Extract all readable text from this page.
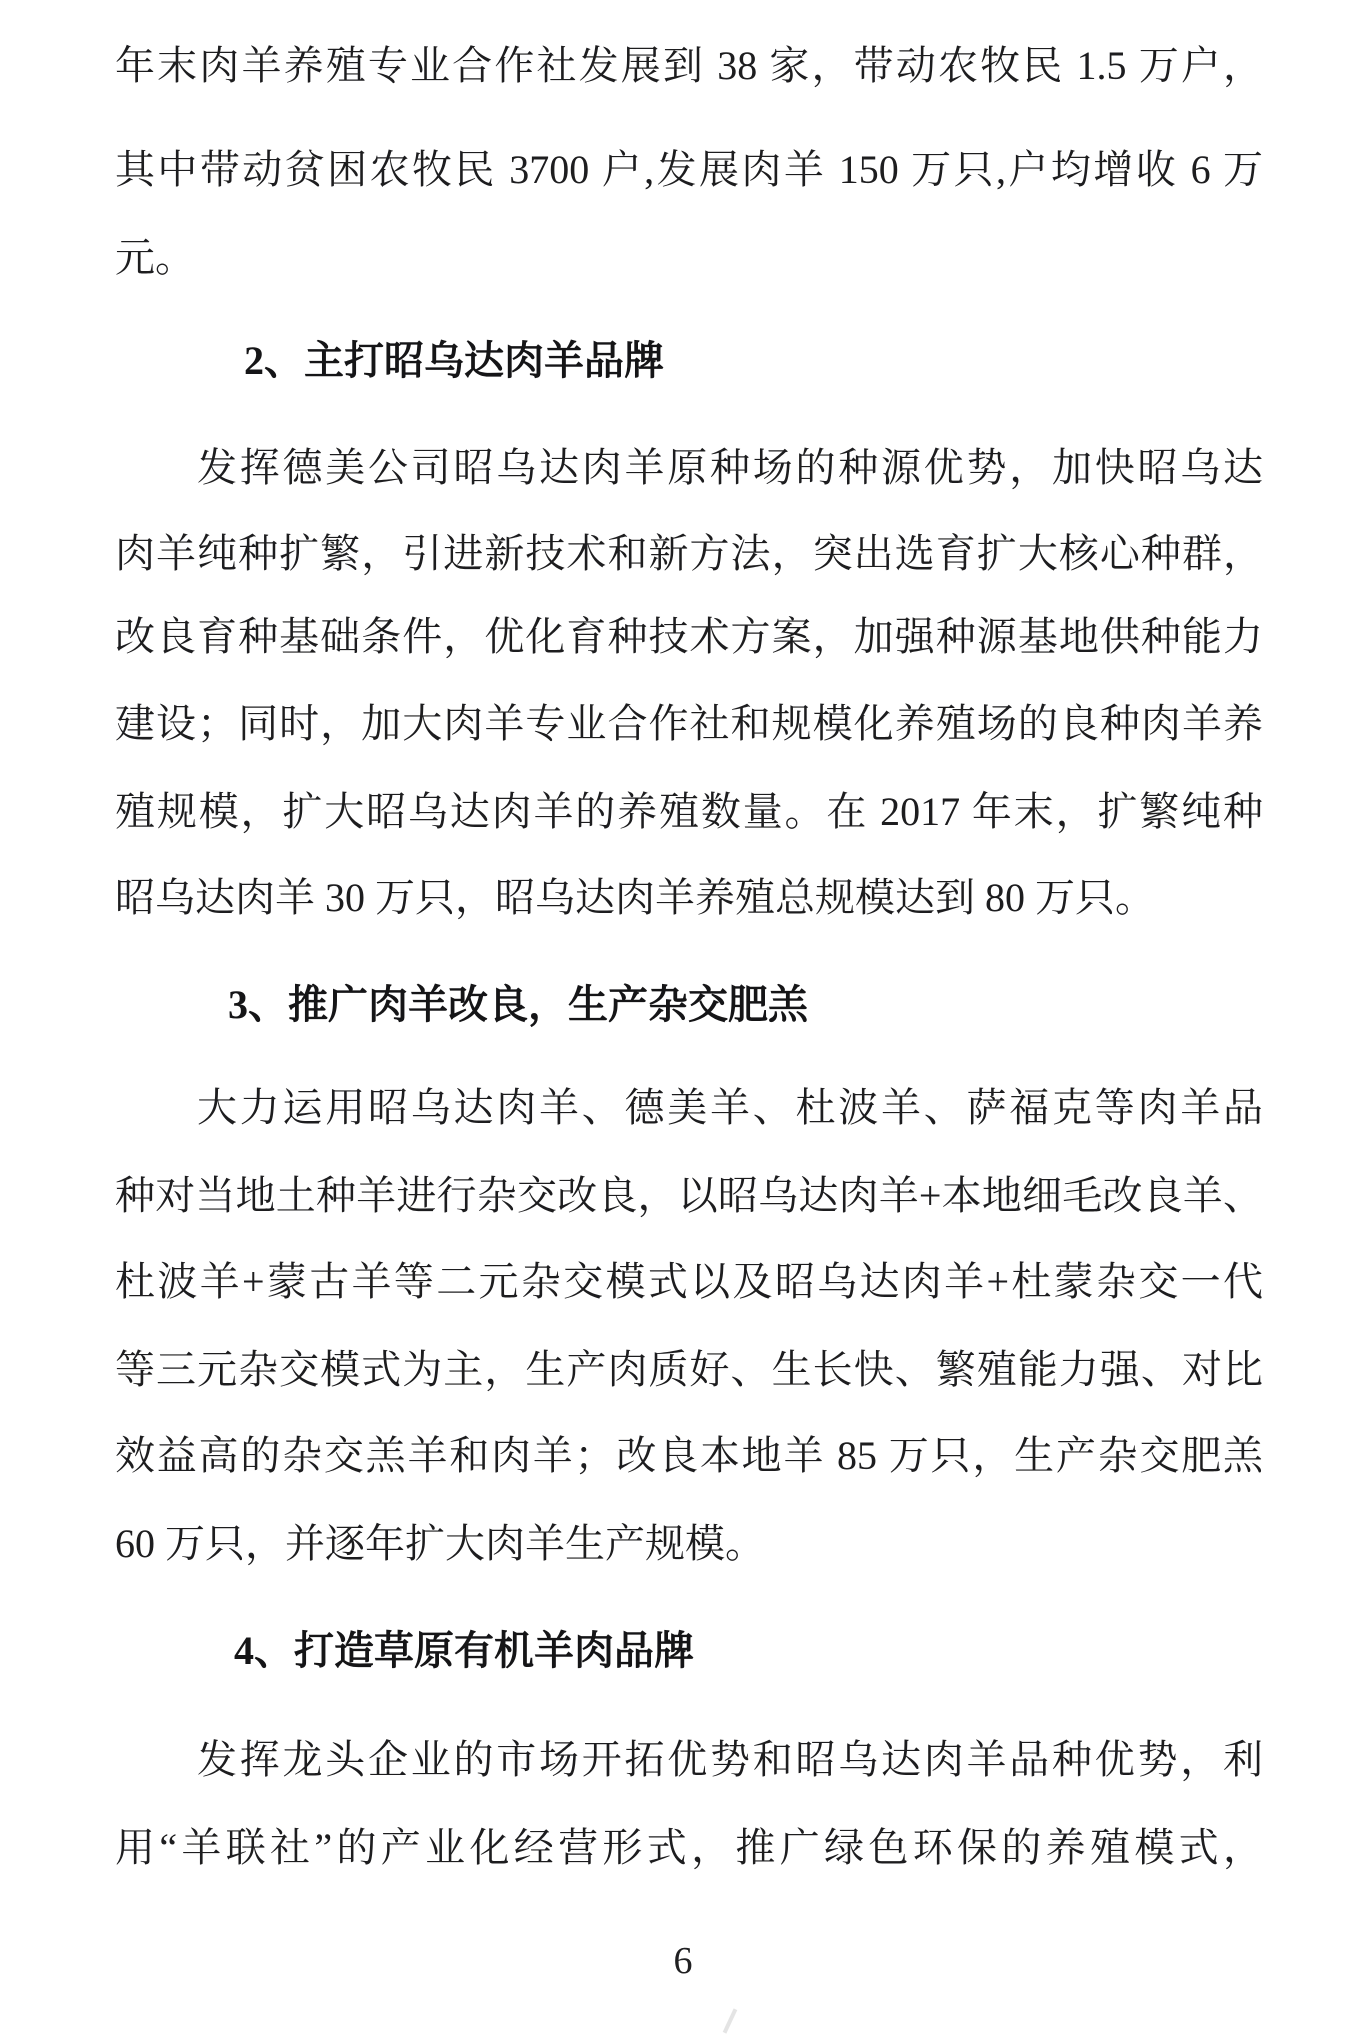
年末肉羊养殖专业合作社发展到 38 家，带动农牧民 1.5 万户，
其中带动贫困农牧民 3700 户,发展肉羊 150 万只,户均增收 6 万
元。
2、主打昭乌达肉羊品牌
发挥德美公司昭乌达肉羊原种场的种源优势，加快昭乌达
肉羊纯种扩繁，引进新技术和新方法，突出选育扩大核心种群，
改良育种基础条件，优化育种技术方案，加强种源基地供种能力
建设；同时，加大肉羊专业合作社和规模化养殖场的良种肉羊养
殖规模，扩大昭乌达肉羊的养殖数量。在 2017 年末，扩繁纯种
昭乌达肉羊 30 万只，昭乌达肉羊养殖总规模达到 80 万只。
3、推广肉羊改良，生产杂交肥羔
大力运用昭乌达肉羊、德美羊、杜波羊、萨福克等肉羊品
种对当地土种羊进行杂交改良，以昭乌达肉羊+本地细毛改良羊、
杜波羊+蒙古羊等二元杂交模式以及昭乌达肉羊+杜蒙杂交一代
等三元杂交模式为主，生产肉质好、生长快、繁殖能力强、对比
效益高的杂交羔羊和肉羊；改良本地羊 85 万只，生产杂交肥羔
60 万只，并逐年扩大肉羊生产规模。
4、打造草原有机羊肉品牌
发挥龙头企业的市场开拓优势和昭乌达肉羊品种优势，利
用“羊联社”的产业化经营形式，推广绿色环保的养殖模式，
6
